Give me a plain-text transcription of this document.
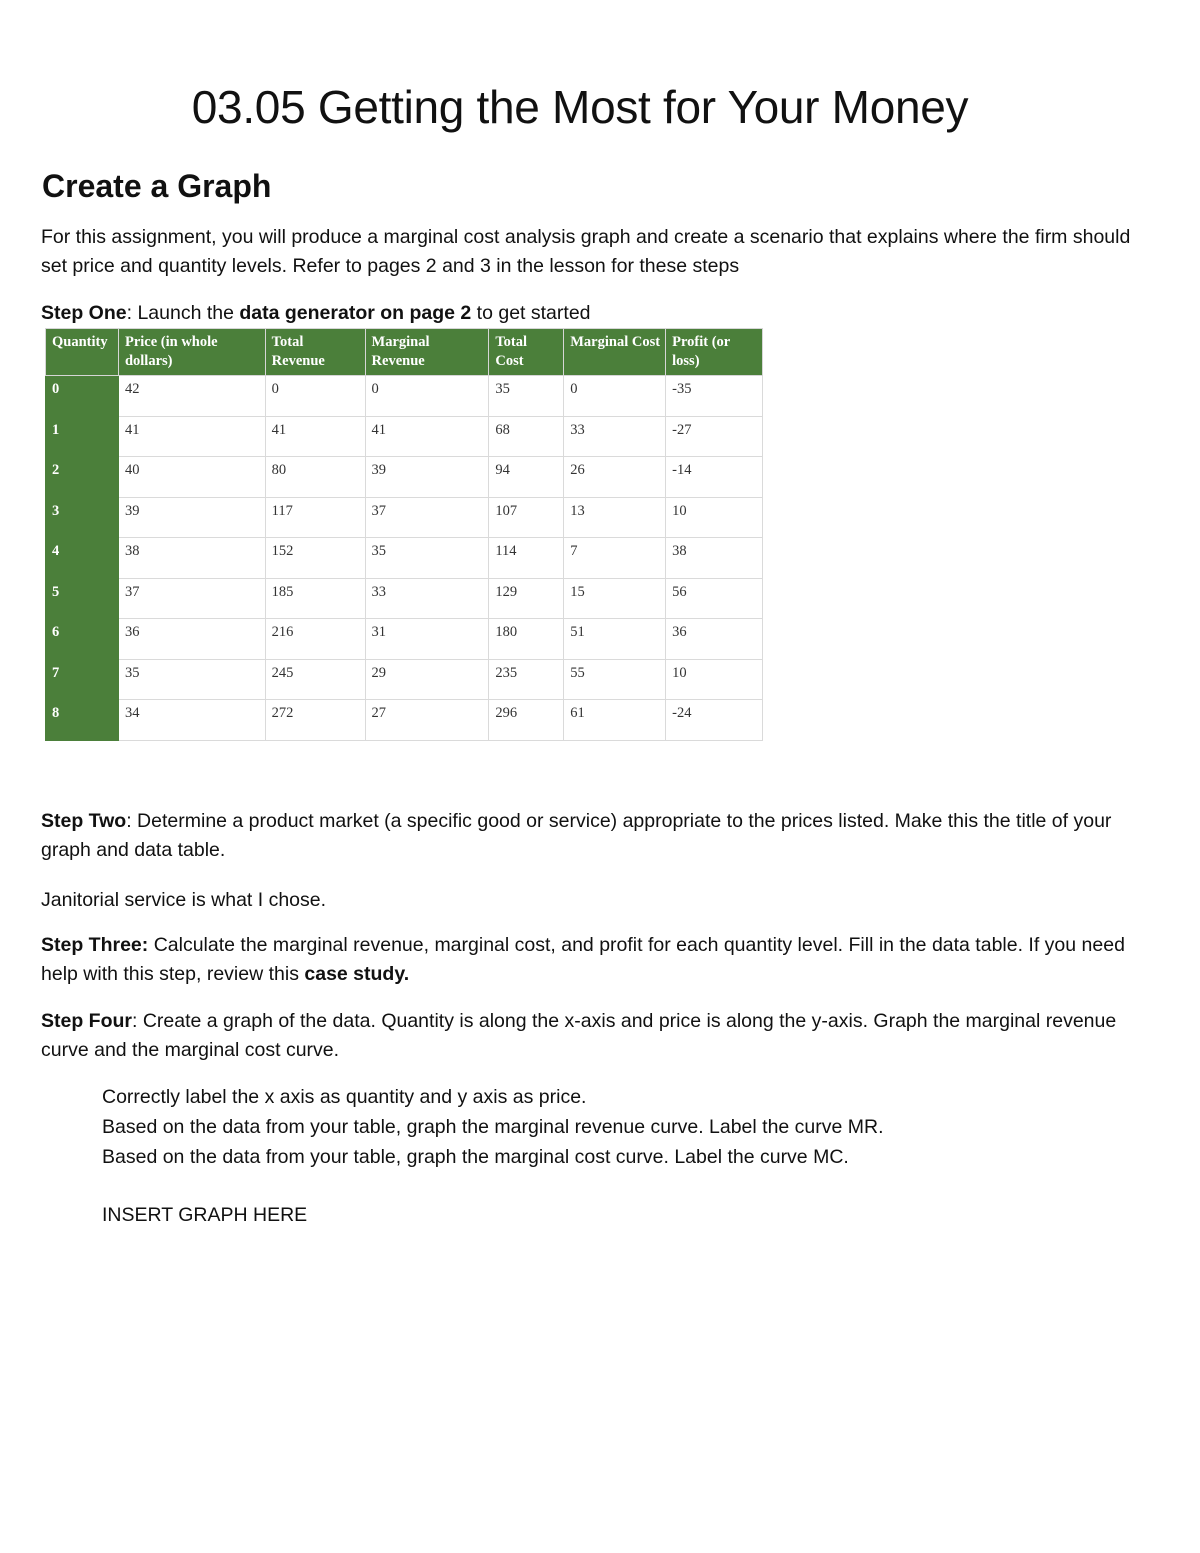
03.05 Getting the Most for Your Money
Create a Graph

For this assignment, you will produce a marginal cost analysis graph and create a scenario that explains where the firm should set price and quantity levels. Refer to pages 2 and 3 in the lesson for these steps

Step One: Launch the data generator on page 2 to get started

Quantity	Price (in whole dollars)	Total Revenue	Marginal Revenue	Total Cost	Marginal Cost	Profit (or loss)
0	42	0	0	35	0	-35
1	41	41	41	68	33	-27
2	40	80	39	94	26	-14
3	39	117	37	107	13	10
4	38	152	35	114	7	38
5	37	185	33	129	15	56
6	36	216	31	180	51	36
7	35	245	29	235	55	10
8	34	272	27	296	61	-24

Step Two: Determine a product market (a specific good or service) appropriate to the prices listed. Make this the title of your graph and data table.

Janitorial service is what I chose.

Step Three: Calculate the marginal revenue, marginal cost, and profit for each quantity level. Fill in the data table. If you need help with this step, review this case study.

Step Four: Create a graph of the data. Quantity is along the x-axis and price is along the y-axis. Graph the marginal revenue curve and the marginal cost curve.

Correctly label the x axis as quantity and y axis as price.
Based on the data from your table, graph the marginal revenue curve. Label the curve MR.
Based on the data from your table, graph the marginal cost curve. Label the curve MC.
INSERT GRAPH HERE
